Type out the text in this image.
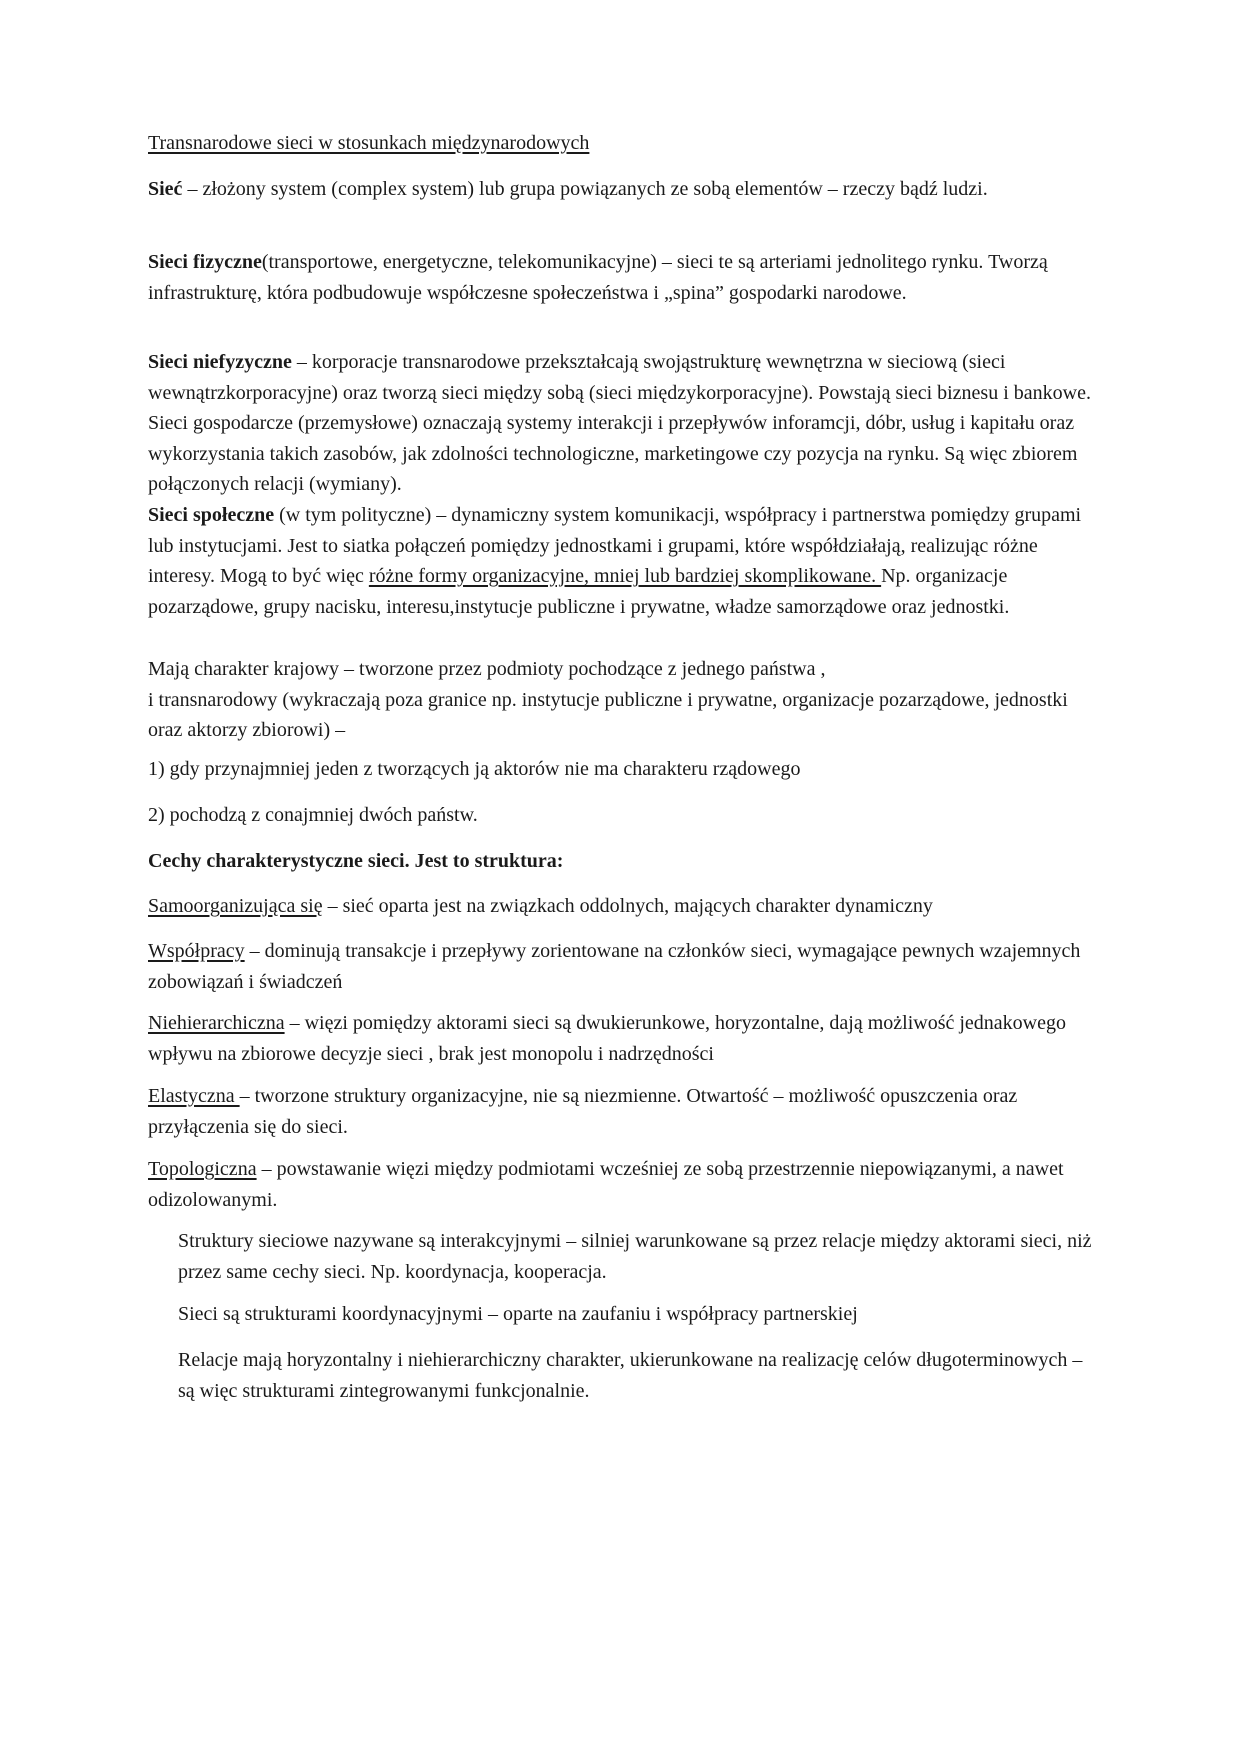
Transnarodowe sieci w stosunkach międzynarodowych

Sieć – złożony system (complex system) lub grupa powiązanych ze sobą elementów – rzeczy bądź ludzi.

Sieci fizyczne(transportowe, energetyczne, telekomunikacyjne) – sieci te są arteriami jednolitego rynku. Tworzą infrastrukturę, która podbudowuje współczesne społeczeństwa i „spina” gospodarki narodowe.

Sieci niefyzyczne – korporacje transnarodowe przekształcają swojąstrukturę wewnętrzna w sieciową (sieci wewnątrzkorporacyjne) oraz tworzą sieci między sobą (sieci międzykorporacyjne). Powstają sieci biznesu i bankowe. Sieci gospodarcze (przemysłowe) oznaczają systemy interakcji i przepływów inforamcji, dóbr, usług i kapitału oraz wykorzystania takich zasobów, jak zdolności technologiczne, marketingowe czy pozycja na rynku. Są więc zbiorem połączonych relacji (wymiany).

Sieci społeczne (w tym polityczne) – dynamiczny system komunikacji, współpracy i partnerstwa pomiędzy grupami lub instytucjami. Jest to siatka połączeń pomiędzy jednostkami i grupami, które współdziałają, realizując różne interesy. Mogą to być więc różne formy organizacyjne, mniej lub bardziej skomplikowane. Np. organizacje pozarządowe, grupy nacisku, interesu,instytucje publiczne i prywatne, władze samorządowe oraz jednostki.

Mają charakter krajowy – tworzone przez podmioty pochodzące z jednego państwa ,
i transnarodowy (wykraczają poza granice np. instytucje publiczne i prywatne, organizacje pozarządowe, jednostki oraz aktorzy zbiorowi) –

1) gdy przynajmniej jeden z tworzących ją aktorów nie ma charakteru rządowego

2) pochodzą z conajmniej dwóch państw.

Cechy charakterystyczne sieci. Jest to struktura:

Samoorganizująca się – sieć oparta jest na związkach oddolnych, mających charakter dynamiczny

Współpracy – dominują transakcje i przepływy zorientowane na członków sieci, wymagające pewnych wzajemnych zobowiązań i świadczeń

Niehierarchiczna – więzi pomiędzy aktorami sieci są dwukierunkowe, horyzontalne, dają możliwość jednakowego wpływu na zbiorowe decyzje sieci , brak jest monopolu i nadrzędności

Elastyczna – tworzone struktury organizacyjne, nie są niezmienne. Otwartość – możliwość opuszczenia oraz przyłączenia się do sieci.

Topologiczna – powstawanie więzi między podmiotami wcześniej ze sobą przestrzennie niepowiązanymi, a nawet odizolowanymi.

Struktury sieciowe nazywane są interakcyjnymi – silniej warunkowane są przez relacje między aktorami sieci, niż przez same cechy sieci. Np. koordynacja, kooperacja.

Sieci są strukturami koordynacyjnymi – oparte na zaufaniu i współpracy partnerskiej

Relacje mają horyzontalny i niehierarchiczny charakter, ukierunkowane na realizację celów długoterminowych – są więc strukturami zintegrowanymi funkcjonalnie.
